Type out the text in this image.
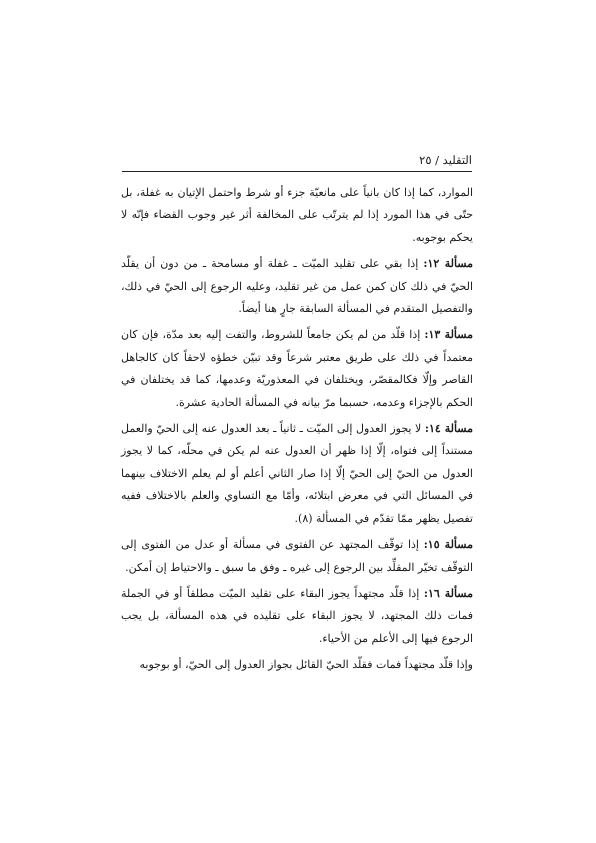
التقليد / ٢٥

الموارد، كما إذا كان بانياً على مانعيّة جزء أو شرط واحتمل الإتيان به غفلة، بل حتّى في هذا المورد إذا لم يترتّب على المخالفة أثر غير وجوب القضاء فإنّه لا يحكم بوجوبه.

مسألة ١٢: إذا بقي على تقليد الميّت ـ غفلة أو مسامحة ـ من دون أن يقلّد الحيّ في ذلك كان كمن عمل من غير تقليد، وعليه الرجوع إلى الحيّ في ذلك، والتفصيل المتقدم في المسألة السابقة جارٍ هنا أيضاً.

مسألة ١٣: إذا قلّد من لم يكن جامعاً للشروط، والتفت إليه بعد مدّة، فإن كان معتمداً في ذلك على طريق معتبر شرعاً وقد تبيّن خطؤه لاحقاً كان كالجاهل القاصر وإلّا فكالمقصّر، ويختلفان في المعذوريّة وعدمها، كما قد يختلفان في الحكم بالإجزاء وعدمه، حسبما مرّ بيانه في المسألة الحادية عشرة.

مسألة ١٤: لا يجوز العدول إلى الميّت ـ ثانياً ـ بعد العدول عنه إلى الحيّ والعمل مستنداً إلى فتواه، إلّا إذا ظهر أن العدول عنه لم يكن في محلّه، كما لا يجوز العدول من الحيّ إلى الحيّ إلّا إذا صار الثاني أعلم أو لم يعلم الاختلاف بينهما في المسائل التي في معرض ابتلائه، وأمّا مع التساوي والعلم بالاختلاف ففيه تفصيل يظهر ممّا تقدّم في المسألة (٨).

مسألة ١٥: إذا توقّف المجتهد عن الفتوى في مسألة أو عدل من الفتوى إلى التوقّف تخيّر المقلِّد بين الرجوع إلى غيره ـ وفق ما سبق ـ والاحتياط إن أمكن.

مسألة ١٦: إذا قلّد مجتهداً يجوز البقاء على تقليد الميّت مطلقاً أو في الجملة فمات ذلك المجتهد، لا يجوز البقاء على تقليده في هذه المسألة، بل يجب الرجوع فيها إلى الأعلم من الأحياء.

وإذا قلّد مجتهداً فمات فقلّد الحيّ القائل بجواز العدول إلى الحيّ، أو بوجوبه
